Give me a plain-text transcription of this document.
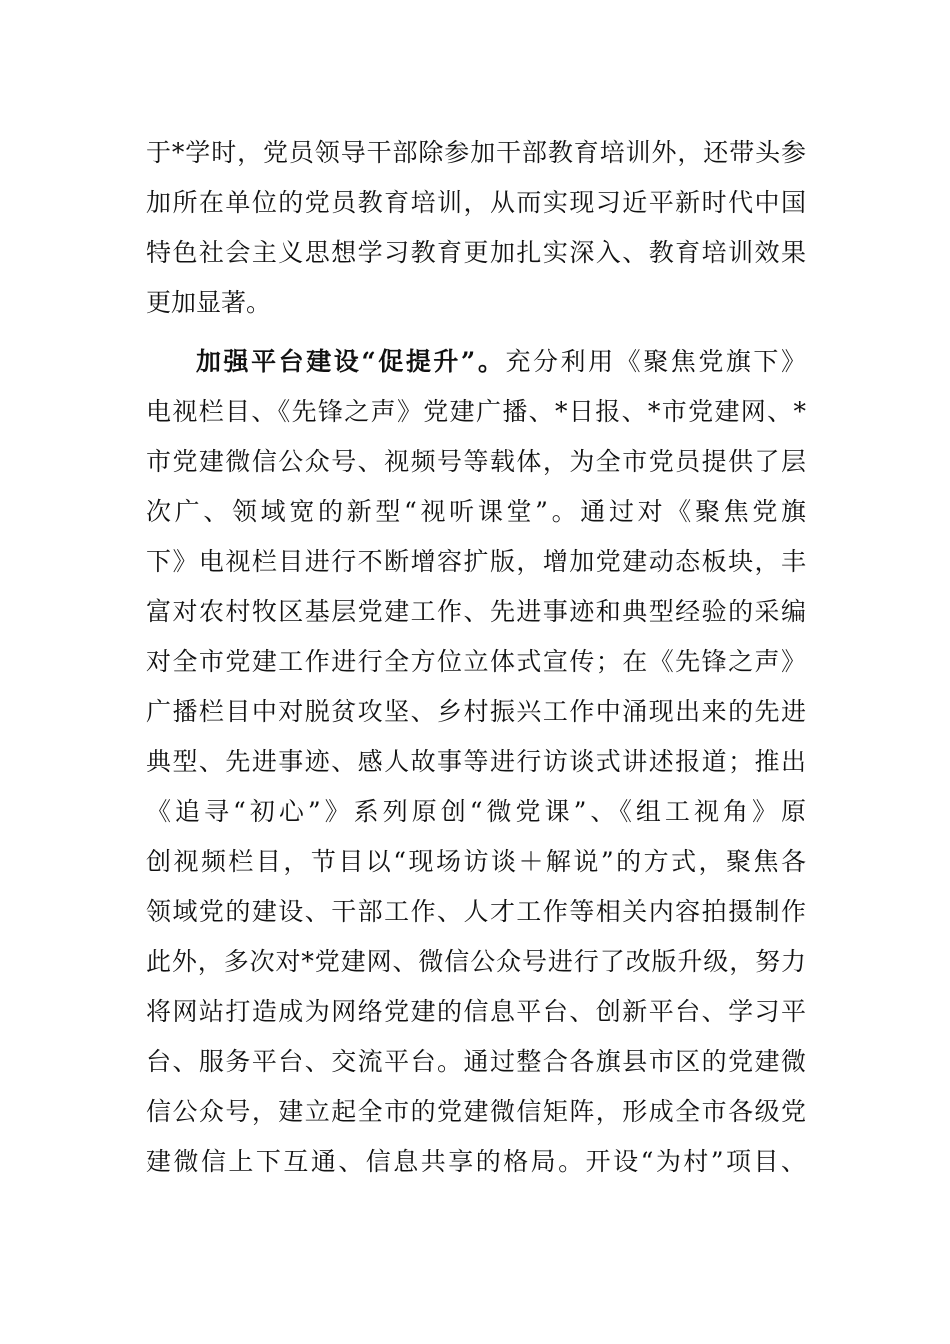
于*学时，党员领导干部除参加干部教育培训外，还带头参
加所在单位的党员教育培训，从而实现习近平新时代中国
特色社会主义思想学习教育更加扎实深入、教育培训效果
更加显著。
加强平台建设“促提升”。充分利用《聚焦党旗下》
电视栏目、《先锋之声》党建广播、*日报、*市党建网、*
市党建微信公众号、视频号等载体，为全市党员提供了层
次广、领域宽的新型“视听课堂”。通过对《聚焦党旗
下》电视栏目进行不断增容扩版，增加党建动态板块，丰
富对农村牧区基层党建工作、先进事迹和典型经验的采编
对全市党建工作进行全方位立体式宣传；在《先锋之声》
广播栏目中对脱贫攻坚、乡村振兴工作中涌现出来的先进
典型、先进事迹、感人故事等进行访谈式讲述报道；推出
《追寻“初心”》系列原创“微党课”、《组工视角》原
创视频栏目，节目以“现场访谈＋解说”的方式，聚焦各
领域党的建设、干部工作、人才工作等相关内容拍摄制作
此外，多次对*党建网、微信公众号进行了改版升级，努力
将网站打造成为网络党建的信息平台、创新平台、学习平
台、服务平台、交流平台。通过整合各旗县市区的党建微
信公众号，建立起全市的党建微信矩阵，形成全市各级党
建微信上下互通、信息共享的格局。开设“为村”项目、
